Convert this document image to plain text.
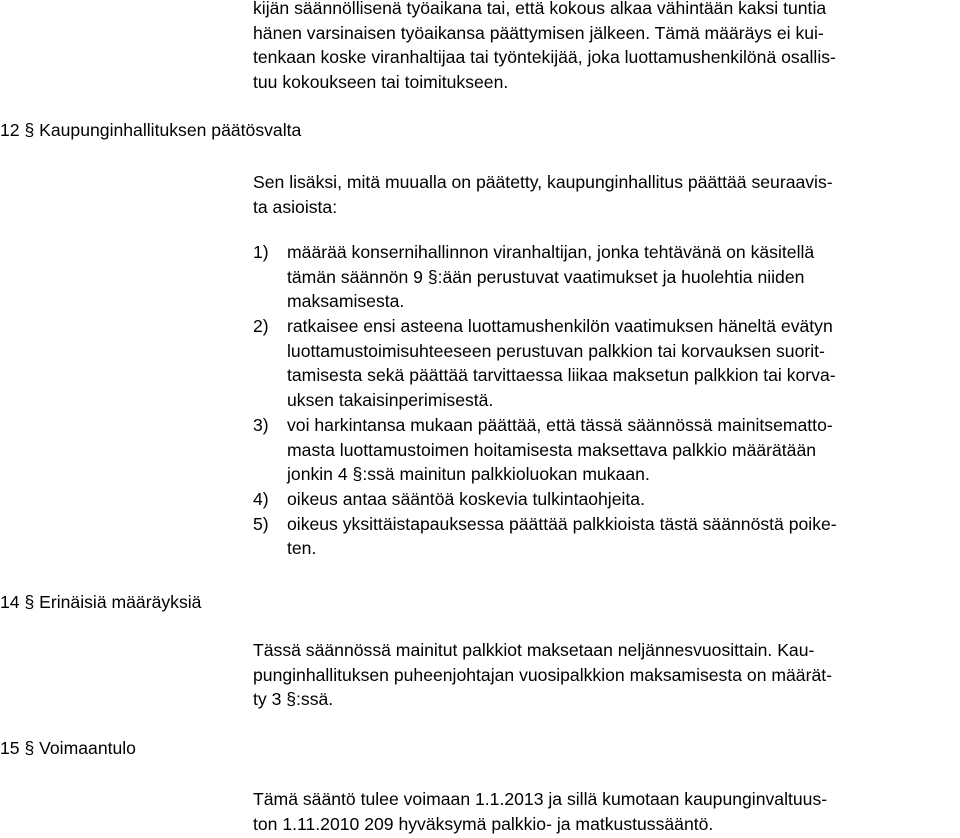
kijän säännöllisenä työaikana tai, että kokous alkaa vähintään kaksi tuntia
hänen varsinaisen työaikansa päättymisen jälkeen. Tämä määräys ei kui-
tenkaan koske viranhaltijaa tai työntekijää, joka luottamushenkilönä osallis-
tuu kokoukseen tai toimitukseen.
12 § Kaupunginhallituksen päätösvalta
Sen lisäksi, mitä muualla on päätetty, kaupunginhallitus päättää seuraavis-
ta asioista:
1) määrää konsernihallinnon viranhaltijan, jonka tehtävänä on käsitellä
tämän säännön 9 §:ään perustuvat vaatimukset ja huolehtia niiden
maksamisesta.
2) ratkaisee ensi asteena luottamushenkilön vaatimuksen häneltä evätyn
luottamustoimisuhteeseen perustuvan palkkion tai korvauksen suorit-
tamisesta sekä päättää tarvittaessa liikaa maksetun palkkion tai korva-
uksen takaisinperimisestä.
3) voi harkintansa mukaan päättää, että tässä säännössä mainitsematto-
masta luottamustoimen hoitamisesta maksettava palkkio määrätään
jonkin 4 §:ssä mainitun palkkioluokan mukaan.
4) oikeus antaa sääntöä koskevia tulkintaohjeita.
5) oikeus yksittäistapauksessa päättää palkkioista tästä säännöstä poike-
ten.
14 § Erinäisiä määräyksiä
Tässä säännössä mainitut palkkiot maksetaan neljännesvuosittain. Kau-
punginhallituksen puheenjohtajan vuosipalkkion maksamisesta on määrät-
ty 3 §:ssä.
15 § Voimaantulo
Tämä sääntö tulee voimaan 1.1.2013 ja sillä kumotaan kaupunginvaltuus-
ton 1.11.2010 209 hyväksymä palkkio- ja matkustussääntö.
